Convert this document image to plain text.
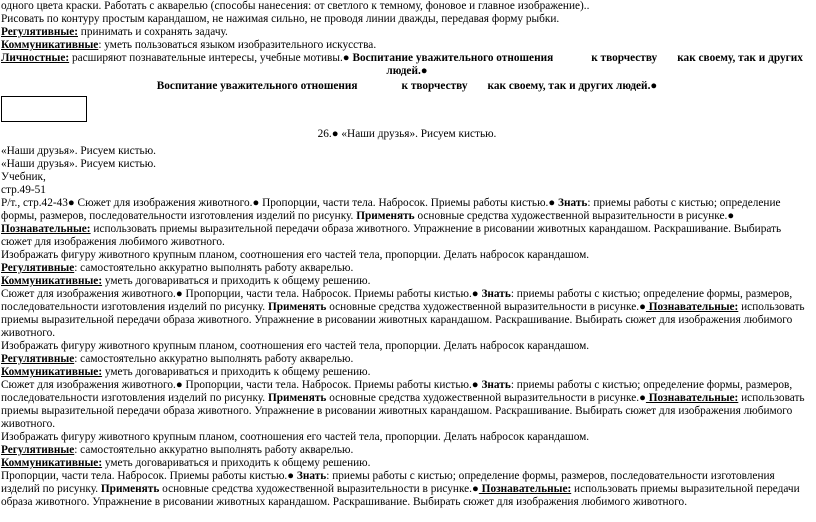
одного цвета краски. Работать с акварелью (способы нанесения: от светлого к темному, фоновое и главное изображение)..

Рисовать по контуру простым карандашом, не нажимая сильно, не проводя линии дважды, передавая форму рыбки.

Регулятивные: принимать и сохранять задачу.

Коммуникативные: уметь пользоваться языком изобразительного искусства.

Личностные: расширяют познавательные интересы, учебные мотивы.● Воспитание уважительного отношения	к творчеству как своему, так и других

людей.●

Воспитание уважительного отношения	к творчеству как своему, так и других людей.●

26.● «Наши друзья». Рисуем кистью.

«Наши друзья». Рисуем кистью.

«Наши друзья». Рисуем кистью.

Учебник,

стр.49-51

Р/т., стр.42-43● Сюжет для изображения животного.● Пропорции, части тела. Набросок. Приемы работы кистью.● Знать: приемы работы с кистью; определение формы, размеров, последовательности изготовления изделий по рисунку. Применять основные средства художественной выразительности в рисунке.● Познавательные: использовать приемы выразительной передачи образа животного. Упражнение в рисовании животных карандашом. Раскрашивание. Выбирать сюжет для изображения любимого животного.

Изображать фигуру животного крупным планом, соотношения его частей тела, пропорции. Делать набросок карандашом.

Регулятивные: самостоятельно аккуратно выполнять работу акварелью.

Коммуникативные: уметь договариваться и приходить к общему решению.

Сюжет для изображения животного.● Пропорции, части тела. Набросок. Приемы работы кистью.● Знать: приемы работы с кистью; определение формы, размеров, последовательности изготовления изделий по рисунку. Применять основные средства художественной выразительности в рисунке.● Познавательные: использовать приемы выразительной передачи образа животного. Упражнение в рисовании животных карандашом. Раскрашивание. Выбирать сюжет для изображения любимого животного.

Изображать фигуру животного крупным планом, соотношения его частей тела, пропорции. Делать набросок карандашом.

Регулятивные: самостоятельно аккуратно выполнять работу акварелью.

Коммуникативные: уметь договариваться и приходить к общему решению.

Сюжет для изображения животного.● Пропорции, части тела. Набросок. Приемы работы кистью.● Знать: приемы работы с кистью; определение формы, размеров, последовательности изготовления изделий по рисунку. Применять основные средства художественной выразительности в рисунке.● Познавательные: использовать приемы выразительной передачи образа животного. Упражнение в рисовании животных карандашом. Раскрашивание. Выбирать сюжет для изображения любимого животного.

Изображать фигуру животного крупным планом, соотношения его частей тела, пропорции. Делать набросок карандашом.

Регулятивные: самостоятельно аккуратно выполнять работу акварелью.

Коммуникативные: уметь договариваться и приходить к общему решению.

Пропорции, части тела. Набросок. Приемы работы кистью.● Знать: приемы работы с кистью; определение формы, размеров, последовательности изготовления изделий по рисунку. Применять основные средства художественной выразительности в рисунке.● Познавательные: использовать приемы выразительной передачи образа животного. Упражнение в рисовании животных карандашом. Раскрашивание. Выбирать сюжет для изображения любимого животного.
